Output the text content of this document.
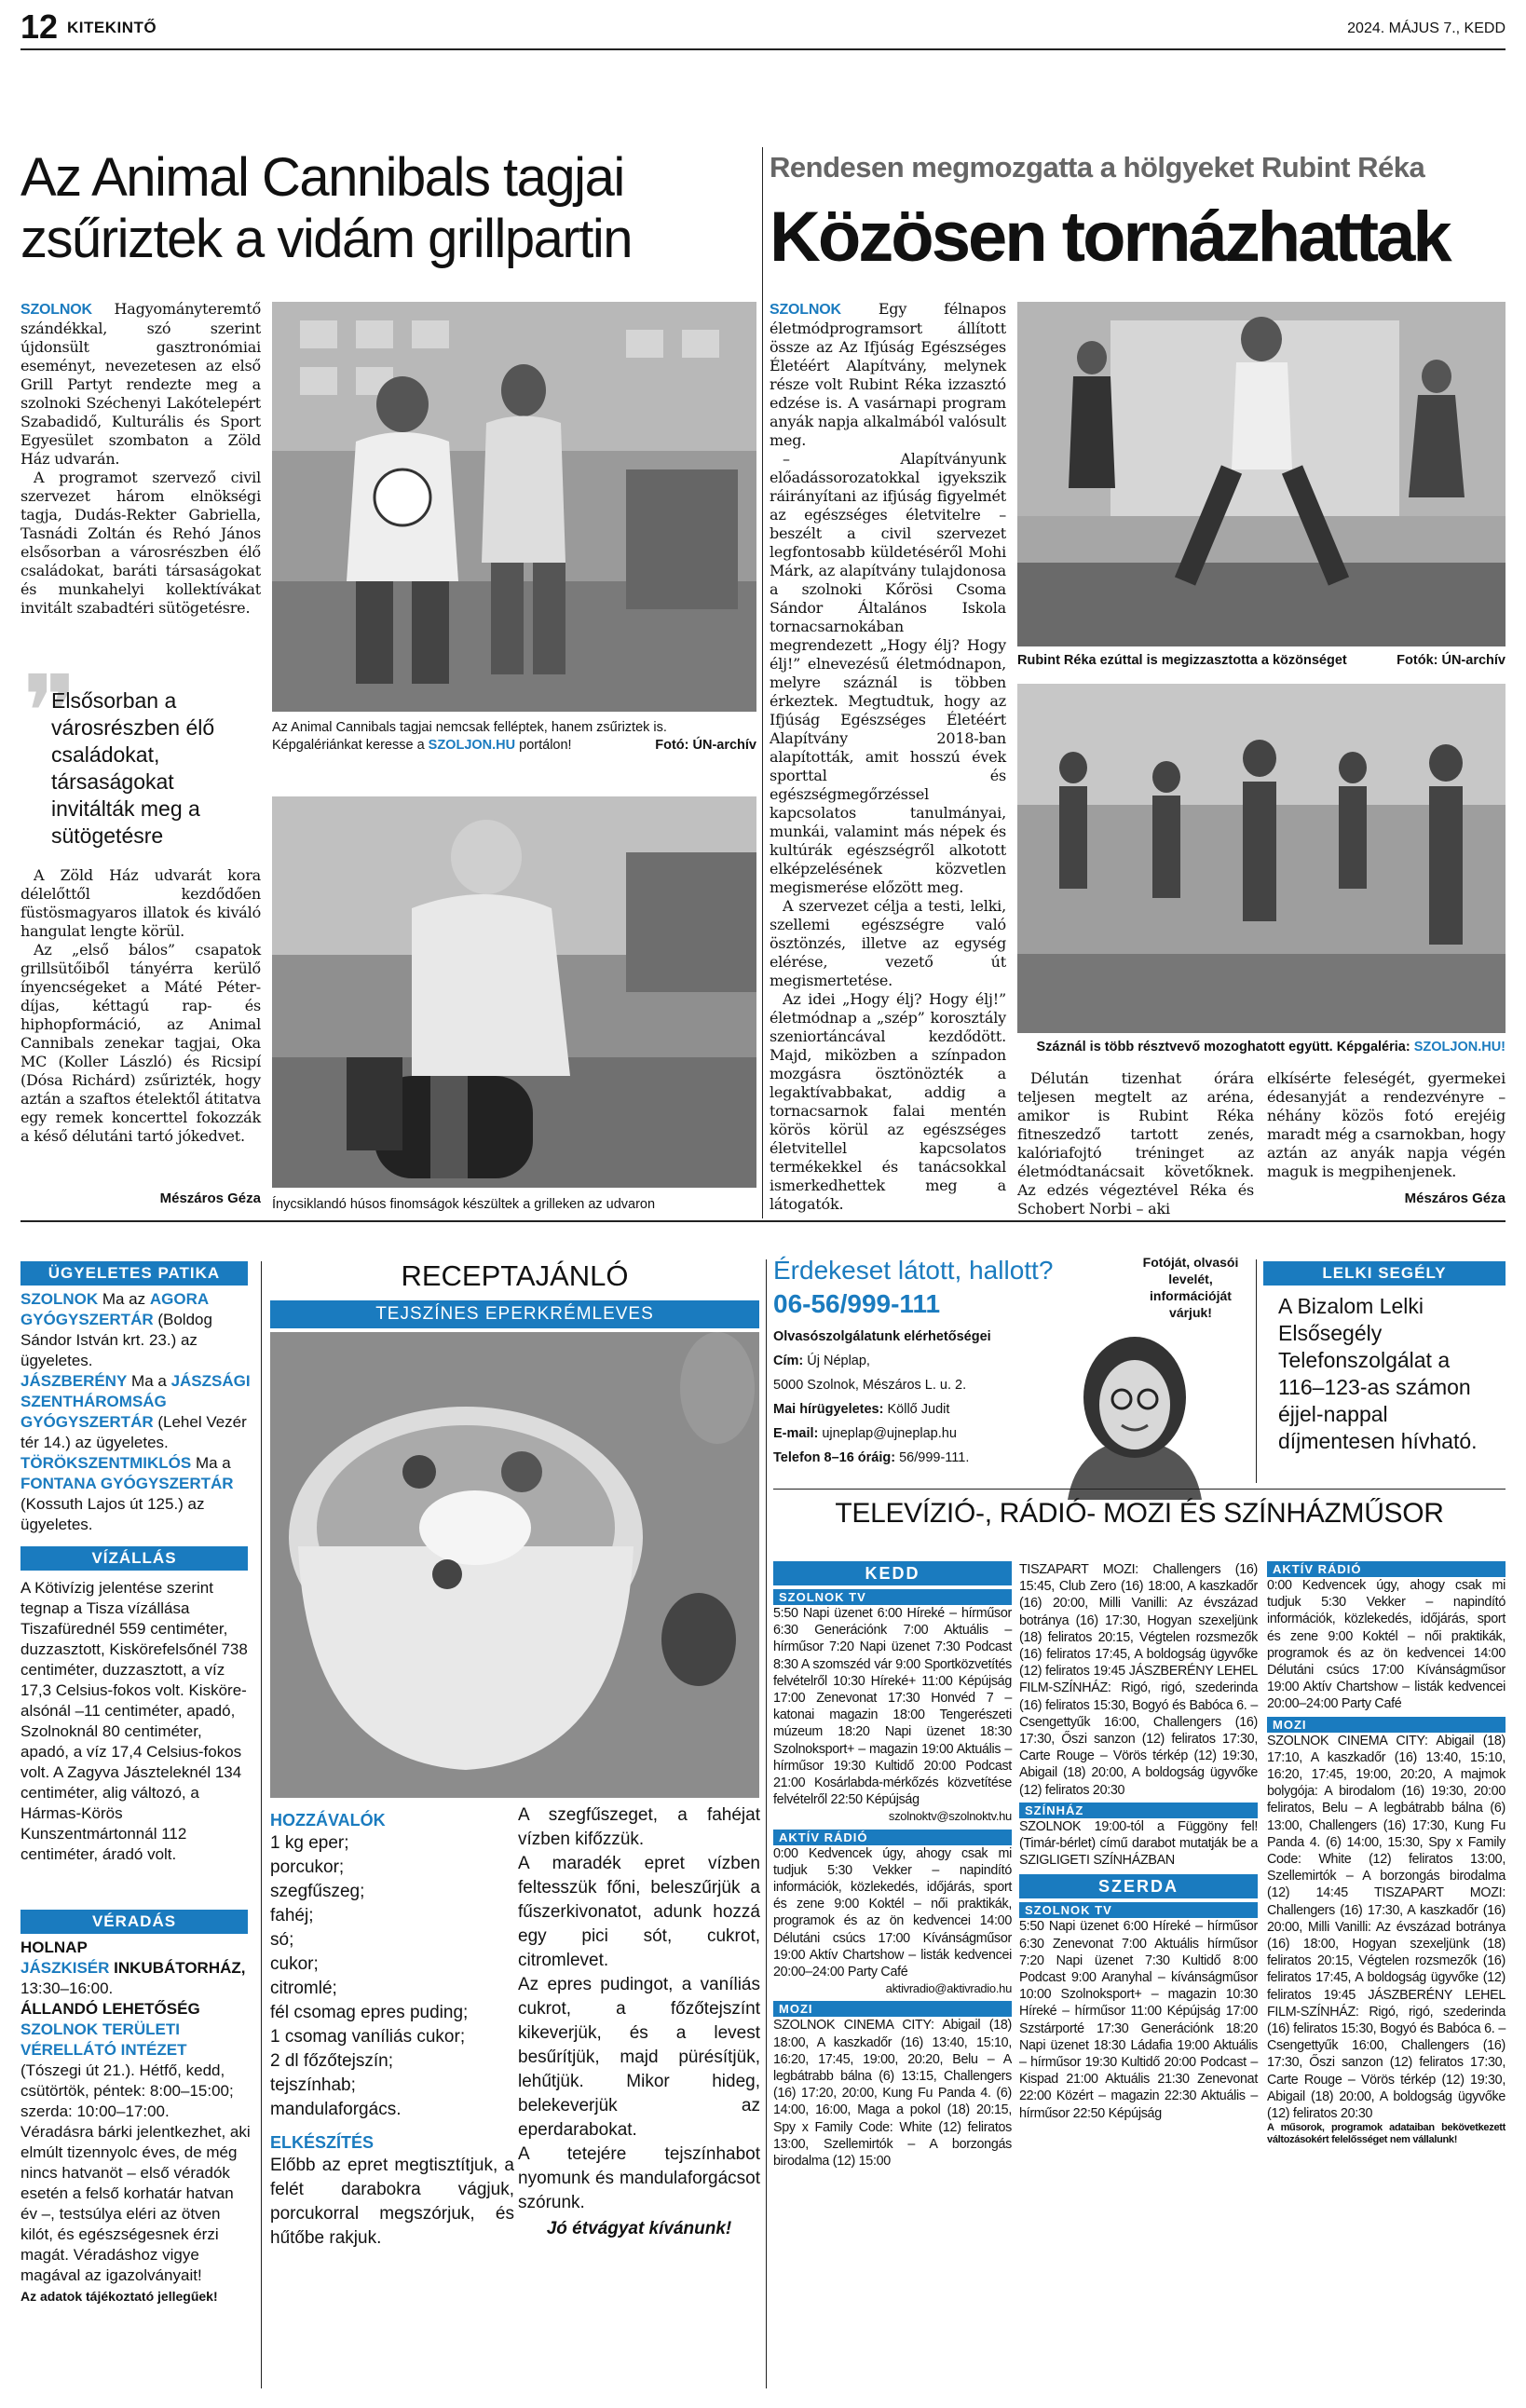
12 KITEKINTŐ	2024. MÁJUS 7., KEDD
Az Animal Cannibals tagjai
zsűriztek a vidám grillpartin

SZOLNOK Hagyományteremtő szándékkal, szó szerint újdonsült gasztronómiai eseményt, nevezetesen az első Grill Partyt rendezte meg a szolnoki Széchenyi Lakótelepért Szabadidő, Kulturális és Sport Egyesület szombaton a Zöld Ház udvarán.

A programot szervező civil szervezet három elnökségi tagja, Dudás-Rekter Gabriella, Tasnádi Zoltán és Rehó János elsősorban a városrészben élő családokat, baráti társaságokat és munkahelyi kollektívákat invitált szabadtéri sütögetésre.

❞
Elsősorban a városrészben élő családokat, társaságokat invitálták meg a sütögetésre

A Zöld Ház udvarát kora délelőttől kezdődően füstösmagyaros illatok és kiváló hangulat lengte körül.

Az „első bálos” csapatok grillsütőiből tányérra kerülő ínyencségeket a Máté Péter-díjas, kéttagú rap- és hiphopformáció, az Animal Cannibals zenekar tagjai, Oka MC (Koller László) és Ricsipí (Dósa Richárd) zsűrizték, hogy aztán a szaftos ételektől átitatva egy remek koncerttel fokozzák a késő délutáni tartó jókedvet.

Mészáros Géza
Az Animal Cannibals tagjai nemcsak felléptek, hanem zsűriztek is. Képgalériánkat keresse a SZOLJON.HU portálon!	Fotó: ÚN-archív
Ínycsiklandó húsos finomságok készültek a grilleken az udvaron
Rendesen megmozgatta a hölgyeket Rubint Réka
Közösen tornázhattak

SZOLNOK Egy félnapos életmódprogramsort állított össze az Az Ifjúság Egészséges Életéért Alapítvány, melynek része volt Rubint Réka izzasztó edzése is. A vasárnapi program anyák napja alkalmából valósult meg.

– Alapítványunk előadássorozatokkal igyekszik ráirányítani az ifjúság figyelmét az egészséges életvitelre – beszélt a civil szervezet legfontosabb küldetéséről Mohi Márk, az alapítvány tulajdonosa a szolnoki Kőrösi Csoma Sándor Általános Iskola tornacsarnokában megrendezett „Hogy élj? Hogy élj!” elnevezésű életmódnapon, melyre száznál is többen érkeztek. Megtudtuk, hogy az Ifjúság Egészséges Életéért Alapítvány 2018-ban alapították, amit hosszú évek sporttal és egészségmegőrzéssel kapcsolatos tanulmányai, munkái, valamint más népek és kultúrák egészségről alkotott elképzelésének közvetlen megismerése előzött meg.

A szervezet célja a testi, lelki, szellemi egészségre való ösztönzés, illetve az egység elérése, vezető út megismertetése.

Az idei „Hogy élj? Hogy élj!” életmódnap a „szép” korosztály szeniortáncával kezdődött. Majd, miközben a színpadon mozgásra ösztönözték a legaktívabbakat, addig a tornacsarnok falai mentén körös körül az egészséges életvitellel kapcsolatos termékekkel és tanácsokkal ismerkedhettek meg a látogatók.

Rubint Réka ezúttal is megizzasztotta a közönséget	Fotók: ÚN-archív
Száznál is több résztvevő mozoghatott együtt. Képgaléria: SZOLJON.HU!

Délután tizenhat órára teljesen megtelt az aréna, amikor is Rubint Réka fitneszedző tartott zenés, kalóriafojtó tréninget az életmódtanácsait követőknek. Az edzés végeztével Réka és Schobert Norbi – aki

elkísérte feleségét, gyermekei édesanyját a rendezvényre – néhány közös fotó erejéig maradt még a csarnokban, hogy aztán az anyák napja végén maguk is megpihenjenek.

Mészáros Géza
ÜGYELETES PATIKA
SZOLNOK Ma az AGORA GYÓGYSZERTÁR (Boldog Sándor István krt. 23.) az ügyeletes.
JÁSZBERÉNY Ma a JÁSZSÁGI SZENTHÁROMSÁG GYÓGYSZERTÁR (Lehel Vezér tér 14.) az ügyeletes.
TÖRÖKSZENTMIKLÓS Ma a FONTANA GYÓGYSZERTÁR (Kossuth Lajos út 125.) az ügyeletes.
VÍZÁLLÁS
A Kötivízig jelentése szerint tegnap a Tisza vízállása Tiszafürednél 559 centiméter, duzzasztott, Kiskörefelsőnél 738 centiméter, duzzasztott, a víz 17,3 Celsius-fokos volt. Kisköre-alsónál –11 centiméter, apadó, Szolnoknál 80 centiméter, apadó, a víz 17,4 Celsius-fokos volt. A Zagyva Jászteleknél 134 centiméter, alig változó, a Hármas-Körös Kunszentmártonnál 112 centiméter, áradó volt.
VÉRADÁS
HOLNAP
JÁSZKISÉR INKUBÁTORHÁZ,
13:30–16:00.
ÁLLANDÓ LEHETŐSÉG
SZOLNOK TERÜLETI VÉRELLÁTÓ INTÉZET (Tószegi út 21.). Hétfő, kedd, csütörtök, péntek: 8:00–15:00; szerda: 10:00–17:00.
Véradásra bárki jelentkezhet, aki elmúlt tizennyolc éves, de még nincs hatvanöt – első véradók esetén a felső korhatár hatvan év –, testsúlya eléri az ötven kilót, és egészségesnek érzi magát. Véradáshoz vigye magával az igazolványait!
Az adatok tájékoztató jellegűek!
RECEPTAJÁNLÓ
TEJSZÍNES EPERKRÉMLEVES
HOZZÁVALÓK
1 kg eper;
porcukor;
szegfűszeg;
fahéj;
só;
cukor;
citromlé;
fél csomag epres puding;
1 csomag vaníliás cukor;
2 dl főzőtejszín;
tejszínhab;
mandulaforgács.
ELKÉSZÍTÉS
Előbb az epret megtisztítjuk, a felét darabokra vágjuk, porcukorral megszórjuk, és hűtőbe rakjuk.
A szegfűszeget, a fahéjat vízben kifőzzük.
A maradék epret vízben feltesszük főni, beleszűrjük a fűszerkivonatot, adunk hozzá egy pici sót, cukrot, citromlevet.
Az epres pudingot, a vaníliás cukrot, a főzőtejszínt kikeverjük, és a levest besűrítjük, majd pürésítjük, lehűtjük. Mikor hideg, belekeverjük az eperdarabokat.
A tetejére tejszínhabot nyomunk és mandulaforgácsot szórunk.
Jó étvágyat kívánunk!
Érdekeset látott, hallott?
06-56/999-111
Fotóját, olvasói levelét, információját várjuk!
Olvasószolgálatunk elérhetőségei
Cím: Új Néplap,
5000 Szolnok, Mészáros L. u. 2.
Mai hírügyeletes: Köllő Judit
E-mail: ujneplap@ujneplap.hu
Telefon 8–16 óráig: 56/999-111.
LELKI SEGÉLY
A Bizalom Lelki Elsősegély Telefonszolgálat a 116–123-as számon éjjel-nappal díjmentesen hívható.
TELEVÍZIÓ-, RÁDIÓ- MOZI ÉS SZÍNHÁZMŰSOR
KEDD
SZOLNOK TV
5:50 Napi üzenet 6:00 Híreké – hírműsor 6:30 Generációnk 7:00 Aktuális – hírműsor 7:20 Napi üzenet 7:30 Podcast 8:30 A szomszéd vár 9:00 Sportközvetítés felvételről 10:30 Híreké+ 11:00 Képújság 17:00 Zenevonat 17:30 Honvéd 7 – katonai magazin 18:00 Tengerészeti múzeum 18:20 Napi üzenet 18:30 Szolnoksport+ – magazin 19:00 Aktuális – hírműsor 19:30 Kultidő 20:00 Podcast 21:00 Kosárlabda-mérkőzés közvetítése felvételről 22:50 Képújság
szolnoktv@szolnoktv.hu
AKTÍV RÁDIÓ
0:00 Kedvencek úgy, ahogy csak mi tudjuk 5:30 Vekker – napindító információk, közlekedés, időjárás, sport és zene 9:00 Koktél – női praktikák, programok és az ön kedvencei 14:00 Délutáni csúcs 17:00 Kívánságműsor 19:00 Aktív Chartshow – listák kedvencei 20:00–24:00 Party Café
aktivradio@aktivradio.hu
MOZI
SZOLNOK CINEMA CITY: Abigail (18) 18:00, A kaszkadőr (16) 13:40, 15:10, 16:20, 17:45, 19:00, 20:20, Belu – A legbátrabb bálna (6) 13:15, Challengers (16) 17:20, 20:00, Kung Fu Panda 4. (6) 14:00, 16:00, Maga a pokol (18) 20:15, Spy x Family Code: White (12) feliratos 13:00, Szellemirtók – A borzongás birodalma (12) 15:00
TISZAPART MOZI: Challengers (16) 15:45, Club Zero (16) 18:00, A kaszkadőr (16) 20:00, Milli Vanilli: Az évszázad botránya (16) 17:30, Hogyan szexeljünk (18) feliratos 20:15, Végtelen rozsmezők (16) feliratos 17:45, A boldogság ügyvőke (12) feliratos 19:45 JÁSZBERÉNY LEHEL FILM-SZÍNHÁZ: Rigó, rigó, szederinda (16) feliratos 15:30, Bogyó és Babóca 6. – Csengettyűk 16:00, Challengers (16) 17:30, Őszi sanzon (12) feliratos 17:30, Carte Rouge – Vörös térkép (12) 19:30, Abigail (18) 20:00, A boldogság ügyvőke (12) feliratos 20:30
SZÍNHÁZ
SZOLNOK 19:00-tól a Függöny fel! (Timár-bérlet) című darabot mutatják be a SZIGLIGETI SZÍNHÁZBAN
SZERDA
SZOLNOK TV
5:50 Napi üzenet 6:00 Híreké – hírműsor 6:30 Zenevonat 7:00 Aktuális hírműsor 7:20 Napi üzenet 7:30 Kultidő 8:00 Podcast 9:00 Aranyhal – kívánságműsor 10:00 Szolnoksport+ – magazin 10:30 Híreké – hírműsor 11:00 Képújság 17:00 Szstárporté 17:30 Generációnk 18:20 Napi üzenet 18:30 Ládafia 19:00 Aktuális – hírműsor 19:30 Kultidő 20:00 Podcast – Kispad 21:00 Aktuális 21:30 Zenevonat 22:00 Közért – magazin 22:30 Aktuális – hírműsor 22:50 Képújság
AKTÍV RÁDIÓ
0:00 Kedvencek úgy, ahogy csak mi tudjuk 5:30 Vekker – napindító információk, közlekedés, időjárás, sport és zene 9:00 Koktél – női praktikák, programok és az ön kedvencei 14:00 Délutáni csúcs 17:00 Kívánságműsor 19:00 Aktív Chartshow – listák kedvencei 20:00–24:00 Party Café
MOZI
SZOLNOK CINEMA CITY: Abigail (18) 17:10, A kaszkadőr (16) 13:40, 15:10, 16:20, 17:45, 19:00, 20:20, A majmok bolygója: A birodalom (16) 19:30, 20:00 feliratos, Belu – A legbátrabb bálna (6) 13:00, Challengers (16) 17:30, Kung Fu Panda 4. (6) 14:00, 15:30, Spy x Family Code: White (12) feliratos 13:00, Szellemirtók – A borzongás birodalma (12) 14:45 TISZAPART MOZI: Challengers (16) 17:30, A kaszkadőr (16) 20:00, Milli Vanilli: Az évszázad botránya (16) 18:00, Hogyan szexeljünk (18) feliratos 20:15, Végtelen rozsmezők (16) feliratos 17:45, A boldogság ügyvőke (12) feliratos 19:45 JÁSZBERÉNY LEHEL FILM-SZÍNHÁZ: Rigó, rigó, szederinda (16) feliratos 15:30, Bogyó és Babóca 6. – Csengettyűk 16:00, Challengers (16) 17:30, Őszi sanzon (12) feliratos 17:30, Carte Rouge – Vörös térkép (12) 19:30, Abigail (18) 20:00, A boldogság ügyvőke (12) feliratos 20:30
A műsorok, programok adataiban bekövetkezett változásokért felelősséget nem vállalunk!
